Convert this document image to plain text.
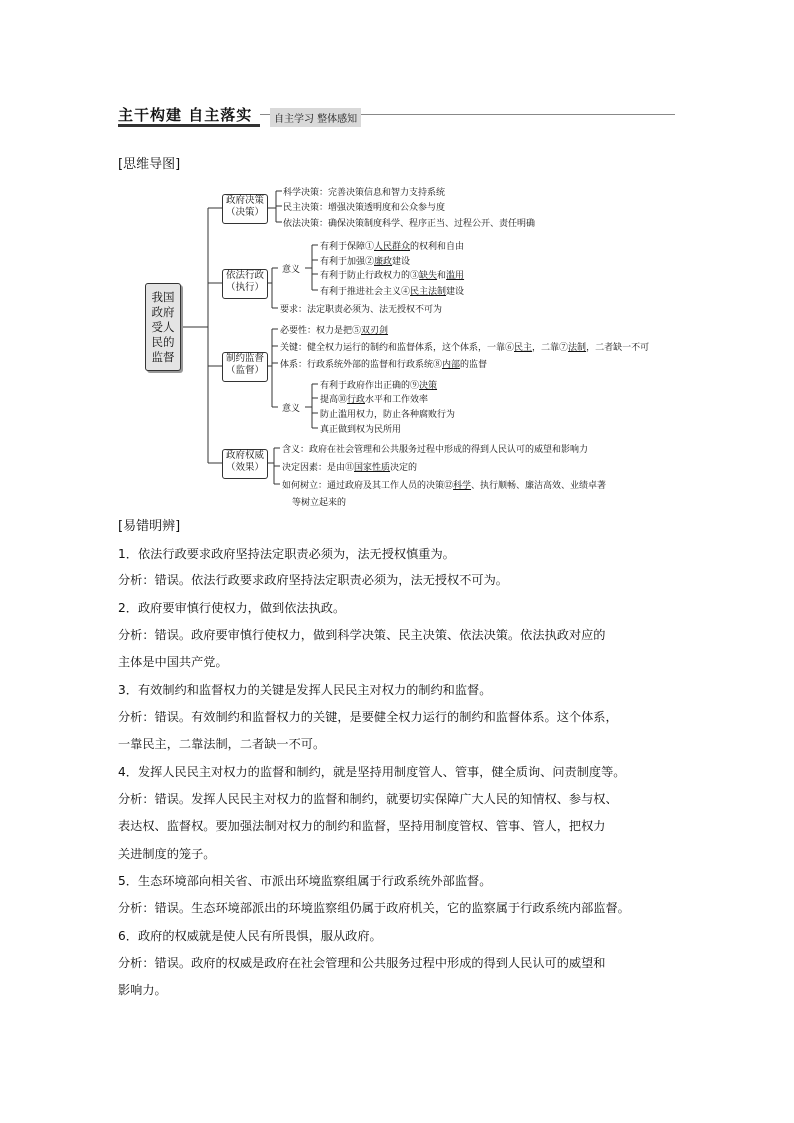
主干构建 自主落实	自主学习 整体感知
[思维导图]
我国
政府
受人
民的
监督
政府决策
（决策）
依法行政
（执行）
制约监督
（监督）
政府权威
（效果）
科学决策：完善决策信息和智力支持系统
民主决策：增强决策透明度和公众参与度
依法决策：确保决策制度科学、程序正当、过程公开、责任明确
意义
有利于保障①人民群众的权利和自由
有利于加强②廉政建设
有利于防止行政权力的③缺失和滥用
有利于推进社会主义④民主法制建设
要求：法定职责必须为、法无授权不可为
必要性：权力是把⑤双刃剑
关键：健全权力运行的制约和监督体系，这个体系，一靠⑥民主，二靠⑦法制，二者缺一不可
体系：行政系统外部的监督和行政系统⑧内部的监督
意义
有利于政府作出正确的⑨决策
提高⑩行政水平和工作效率
防止滥用权力，防止各种腐败行为
真正做到权为民所用
含义：政府在社会管理和公共服务过程中形成的得到人民认可的威望和影响力
决定因素：是由⑪国家性质决定的
如何树立：通过政府及其工作人员的决策⑫科学、执行顺畅、廉洁高效、业绩卓著
等树立起来的
[易错明辨]
1．依法行政要求政府坚持法定职责必须为，法无授权慎重为。
分析：错误。依法行政要求政府坚持法定职责必须为，法无授权不可为。
2．政府要审慎行使权力，做到依法执政。
分析：错误。政府要审慎行使权力，做到科学决策、民主决策、依法决策。依法执政对应的
主体是中国共产党。
3．有效制约和监督权力的关键是发挥人民民主对权力的制约和监督。
分析：错误。有效制约和监督权力的关键，是要健全权力运行的制约和监督体系。这个体系，
一靠民主，二靠法制，二者缺一不可。
4．发挥人民民主对权力的监督和制约，就是坚持用制度管人、管事，健全质询、问责制度等。
分析：错误。发挥人民民主对权力的监督和制约，就要切实保障广大人民的知情权、参与权、
表达权、监督权。要加强法制对权力的制约和监督，坚持用制度管权、管事、管人，把权力
关进制度的笼子。
5．生态环境部向相关省、市派出环境监察组属于行政系统外部监督。
分析：错误。生态环境部派出的环境监察组仍属于政府机关，它的监察属于行政系统内部监督。
6．政府的权威就是使人民有所畏惧，服从政府。
分析：错误。政府的权威是政府在社会管理和公共服务过程中形成的得到人民认可的威望和
影响力。
